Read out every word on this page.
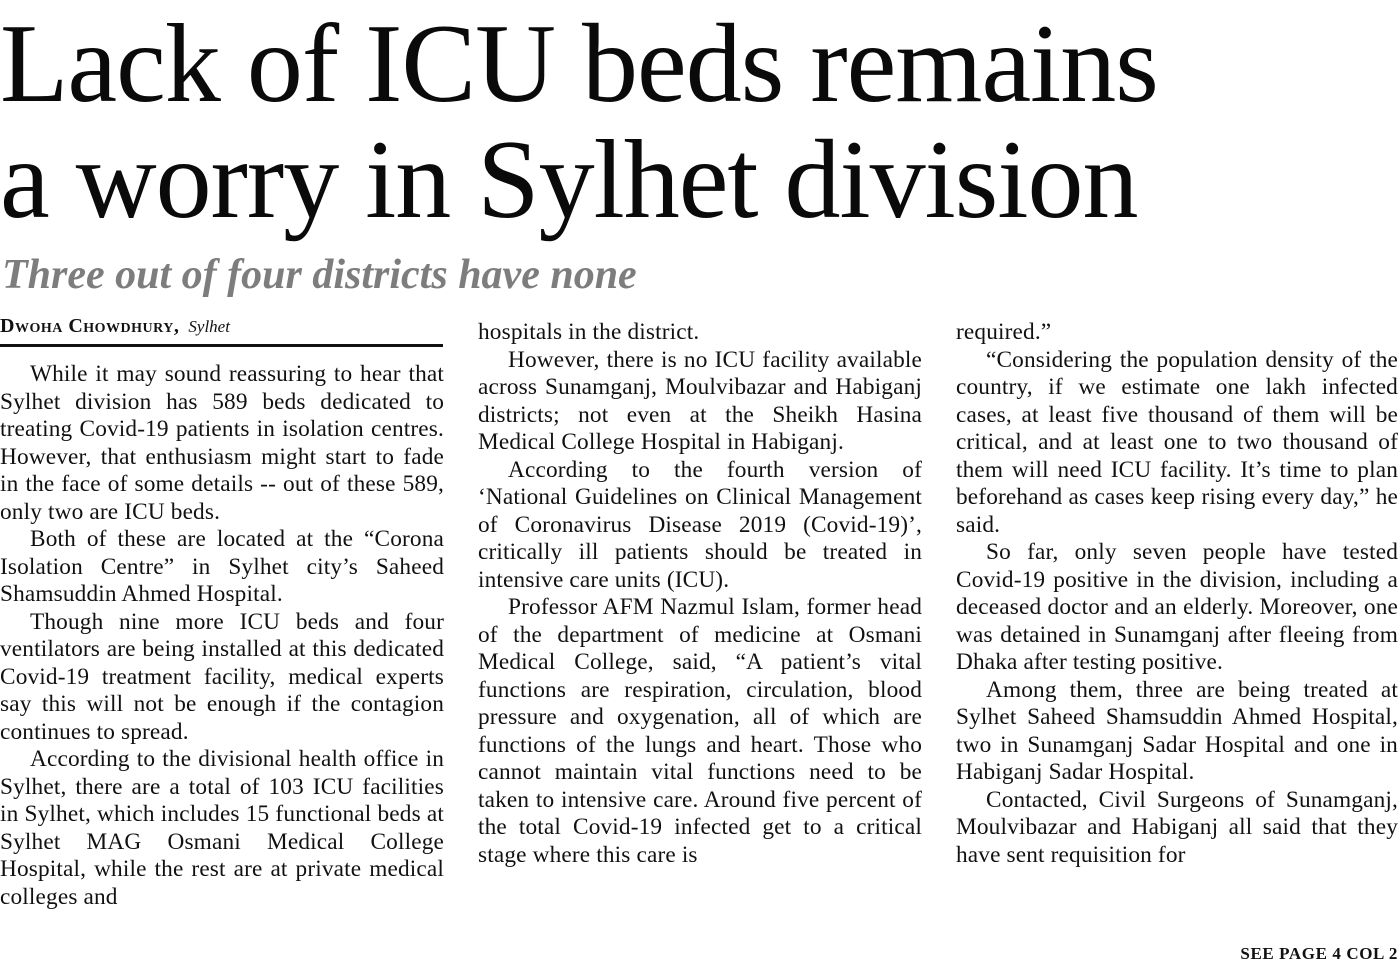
Lack of ICU beds remains
a worry in Sylhet division
Three out of four districts have none
Dwoha Chowdhury, Sylhet

While it may sound reassuring to hear that Sylhet division has 589 beds dedicated to treating Covid-19 patients in isolation centres. However, that enthusiasm might start to fade in the face of some details -- out of these 589, only two are ICU beds.

Both of these are located at the “Corona Isolation Centre” in Sylhet city’s Saheed Shamsuddin Ahmed Hospital.

Though nine more ICU beds and four ventilators are being installed at this dedicated Covid-19 treatment facility, medical experts say this will not be enough if the contagion continues to spread.

According to the divisional health office in Sylhet, there are a total of 103 ICU facilities in Sylhet, which includes 15 functional beds at Sylhet MAG Osmani Medical College Hospital, while the rest are at private medical colleges and

hospitals in the district.

However, there is no ICU facility available across Sunamganj, Moulvibazar and Habiganj districts; not even at the Sheikh Hasina Medical College Hospital in Habiganj.

According to the fourth version of ‘National Guidelines on Clinical Management of Coronavirus Disease 2019 (Covid-19)’, critically ill patients should be treated in intensive care units (ICU).

Professor AFM Nazmul Islam, former head of the department of medicine at Osmani Medical College, said, “A patient’s vital functions are respiration, circulation, blood pressure and oxygenation, all of which are functions of the lungs and heart. Those who cannot maintain vital functions need to be taken to intensive care. Around five percent of the total Covid-19 infected get to a critical stage where this care is

required.”

“Considering the population density of the country, if we estimate one lakh infected cases, at least five thousand of them will be critical, and at least one to two thousand of them will need ICU facility. It’s time to plan beforehand as cases keep rising every day,” he said.

So far, only seven people have tested Covid-19 positive in the division, including a deceased doctor and an elderly. Moreover, one was detained in Sunamganj after fleeing from Dhaka after testing positive.

Among them, three are being treated at Sylhet Saheed Shamsuddin Ahmed Hospital, two in Sunamganj Sadar Hospital and one in Habiganj Sadar Hospital.

Contacted, Civil Surgeons of Sunamganj, Moulvibazar and Habiganj all said that they have sent requisition for

SEE PAGE 4 COL 2
